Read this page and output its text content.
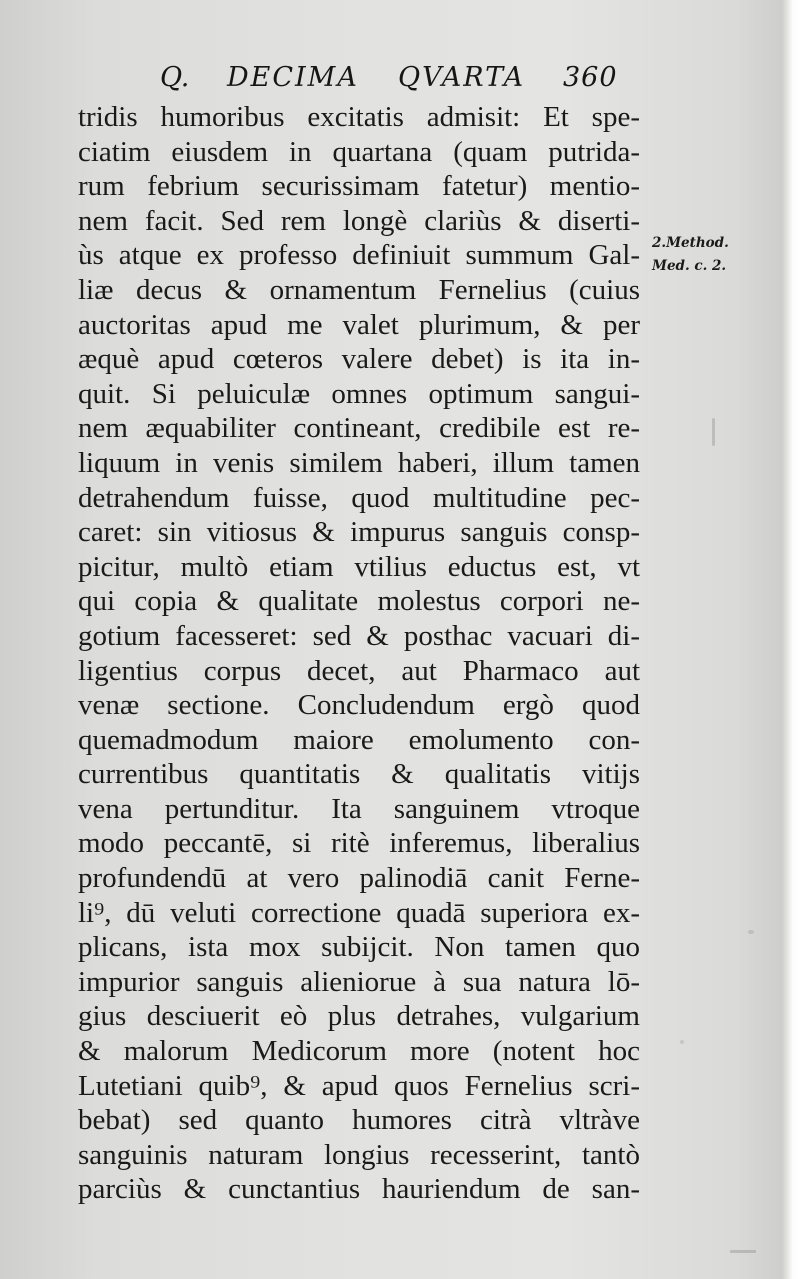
Q. DECIMA QVARTA 360
tridis humoribus excitatis admisit: Et spe-
ciatim eiusdem in quartana (quam putrida-
rum febrium securissimam fatetur) mentio-
nem facit. Sed rem longè clariùs & diserti-
ùs atque ex professo definiuit summum Gal-
liæ decus & ornamentum Fernelius (cuius
auctoritas apud me valet plurimum, & per
æquè apud cœteros valere debet) is ita in-
quit. Si peluiculæ omnes optimum sangui-
nem æquabiliter contineant, credibile est re-
liquum in venis similem haberi, illum tamen
detrahendum fuisse, quod multitudine pec-
caret: sin vitiosus & impurus sanguis consp-
picitur, multò etiam vtilius eductus est, vt
qui copia & qualitate molestus corpori ne-
gotium facesseret: sed & posthac vacuari di-
ligentius corpus decet, aut Pharmaco aut
venæ sectione. Concludendum ergò quod
quemadmodum maiore emolumento con-
currentibus quantitatis & qualitatis vitijs
vena pertunditur. Ita sanguinem vtroque
modo peccantē, si ritè inferemus, liberalius
profundendū at vero palinodiā canit Ferne-
li⁹, dū veluti correctione quadā superiora ex-
plicans, ista mox subijcit. Non tamen quo
impurior sanguis alieniorue à sua natura lō-
gius desciuerit eò plus detrahes, vulgarium
& malorum Medicorum more (notent hoc
Lutetiani quib⁹, & apud quos Fernelius scri-
bebat) sed quanto humores citrà vltràve
sanguinis naturam longius recesserint, tantò
parciùs & cunctantius hauriendum de san-
2.Method.
Med. c. 2.
